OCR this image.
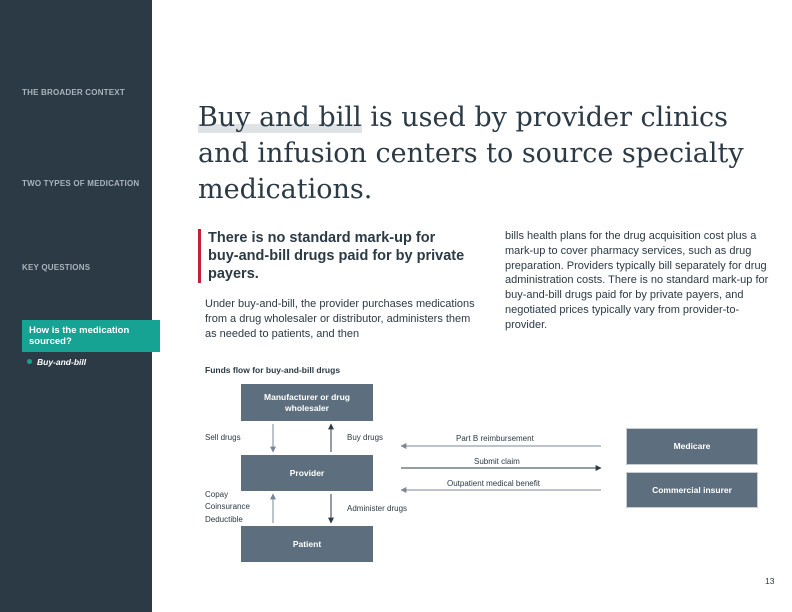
THE BROADER CONTEXT
TWO TYPES OF MEDICATION
KEY QUESTIONS
How is the medication sourced?
Buy-and-bill
Buy and bill is used by provider clinics and infusion centers to source specialty medications.
There is no standard mark-up for buy-and-bill drugs paid for by private payers.
Under buy-and-bill, the provider purchases medications from a drug wholesaler or distributor, administers them as needed to patients, and then
bills health plans for the drug acquisition cost plus a mark-up to cover pharmacy services, such as drug preparation. Providers typically bill separately for drug administration costs. There is no standard mark-up for buy-and-bill drugs paid for by private payers, and negotiated prices typically vary from provider-to-provider.
Funds flow for buy-and-bill drugs
Manufacturer or drug wholesaler
Provider
Patient
Medicare
Commercial insurer
Sell drugs	Buy drugs
Copay
Coinsurance
Deductible
Administer drugs
Part B reimbursement
Submit claim
Outpatient medical benefit
13
